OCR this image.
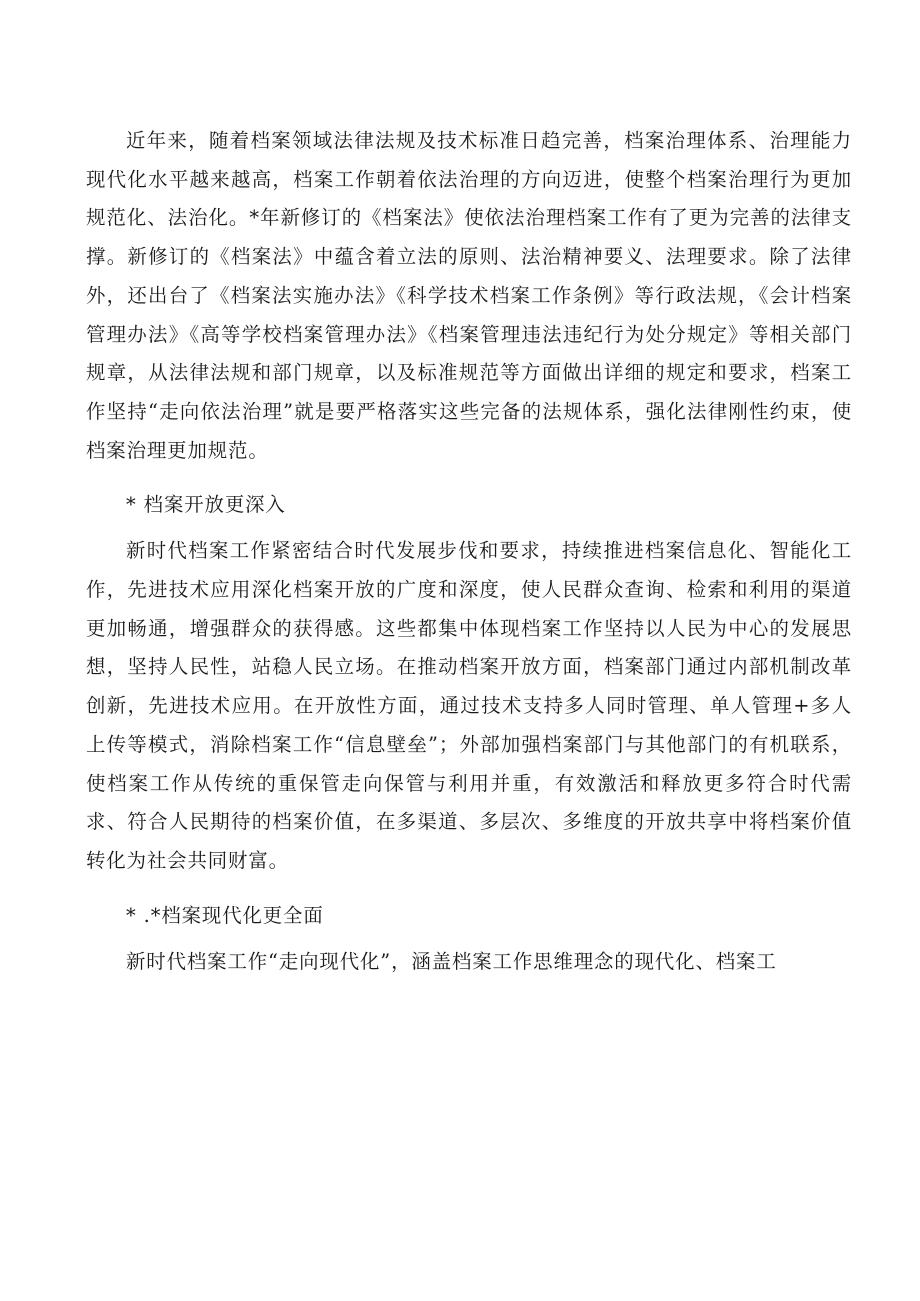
近年来，随着档案领域法律法规及技术标准日趋完善，档案治理体系、治理能力现代化水平越来越高，档案工作朝着依法治理的方向迈进，使整个档案治理行为更加规范化、法治化。*年新修订的《档案法》使依法治理档案工作有了更为完善的法律支撑。新修订的《档案法》中蕴含着立法的原则、法治精神要义、法理要求。除了法律外，还出台了《档案法实施办法》《科学技术档案工作条例》等行政法规，《会计档案管理办法》《高等学校档案管理办法》《档案管理违法违纪行为处分规定》等相关部门规章，从法律法规和部门规章，以及标准规范等方面做出详细的规定和要求，档案工作坚持“走向依法治理”就是要严格落实这些完备的法规体系，强化法律刚性约束，使档案治理更加规范。

* 档案开放更深入

新时代档案工作紧密结合时代发展步伐和要求，持续推进档案信息化、智能化工作，先进技术应用深化档案开放的广度和深度，使人民群众查询、检索和利用的渠道更加畅通，增强群众的获得感。这些都集中体现档案工作坚持以人民为中心的发展思想，坚持人民性，站稳人民立场。在推动档案开放方面，档案部门通过内部机制改革创新，先进技术应用。在开放性方面，通过技术支持多人同时管理、单人管理+多人上传等模式，消除档案工作“信息壁垒”；外部加强档案部门与其他部门的有机联系，使档案工作从传统的重保管走向保管与利用并重，有效激活和释放更多符合时代需求、符合人民期待的档案价值，在多渠道、多层次、多维度的开放共享中将档案价值转化为社会共同财富。

* .*档案现代化更全面

新时代档案工作“走向现代化”，涵盖档案工作思维理念的现代化、档案工
